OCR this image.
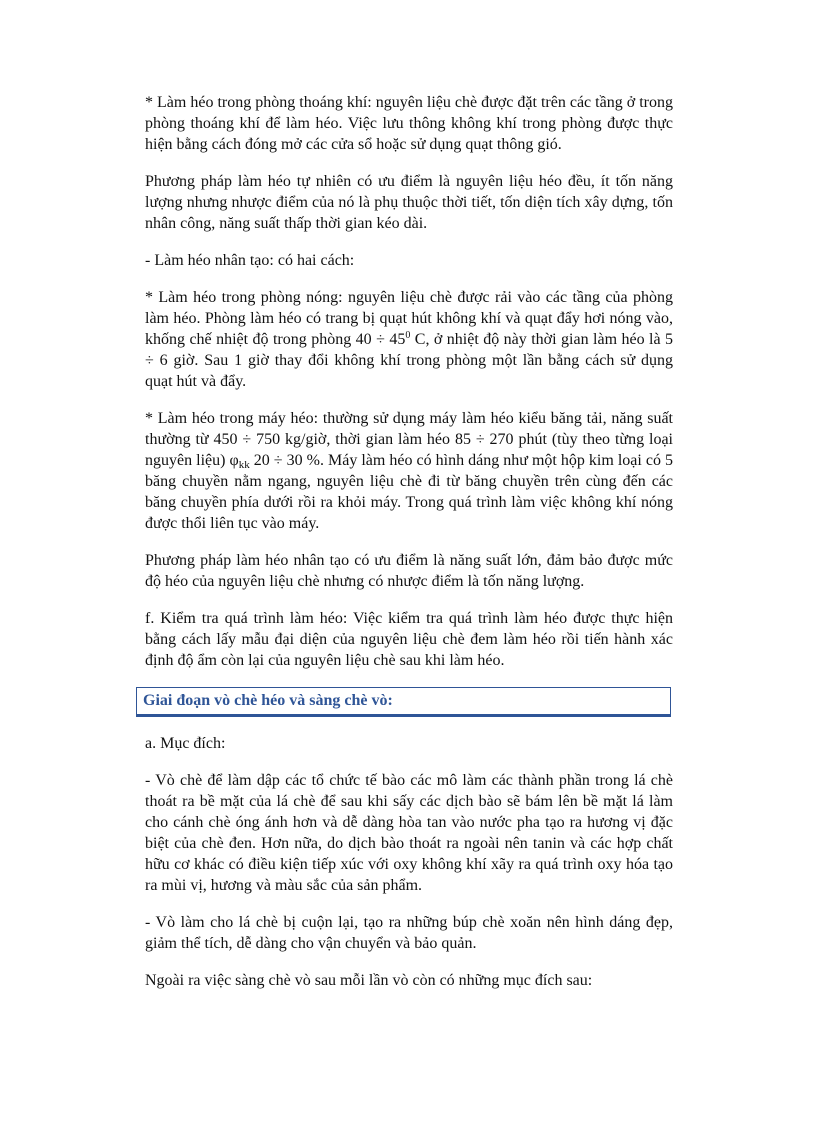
* Làm héo trong phòng thoáng khí: nguyên liệu chè được đặt trên các tầng ở trong phòng thoáng khí để làm héo. Việc lưu thông không khí trong phòng được thực hiện bằng cách đóng mở các cửa sổ hoặc sử dụng quạt thông gió.

Phương pháp làm héo tự nhiên có ưu điểm là nguyên liệu héo đều, ít tốn năng lượng nhưng nhược điểm của nó là phụ thuộc thời tiết, tốn diện tích xây dựng, tốn nhân công, năng suất thấp thời gian kéo dài.

- Làm héo nhân tạo: có hai cách:

* Làm héo trong phòng nóng: nguyên liệu chè được rải vào các tầng của phòng làm héo. Phòng làm héo có trang bị quạt hút không khí và quạt đẩy hơi nóng vào, khống chế nhiệt độ trong phòng $40 \div 45^0$ C, ở nhiệt độ này thời gian làm héo là 5 ÷ 6 giờ. Sau 1 giờ thay đổi không khí trong phòng một lần bằng cách sử dụng quạt hút và đẩy.

* Làm héo trong máy héo: thường sử dụng máy làm héo kiểu băng tải, năng suất thường từ 450 ÷ 750 kg/giờ, thời gian làm héo 85 ÷ 270 phút (tùy theo từng loại nguyên liệu) $\varphi_{kk}$ 20 ÷ 30 %. Máy làm héo có hình dáng như một hộp kim loại có 5 băng chuyền nằm ngang, nguyên liệu chè đi từ băng chuyền trên cùng đến các băng chuyền phía dưới rồi ra khỏi máy. Trong quá trình làm việc không khí nóng được thổi liên tục vào máy.

Phương pháp làm héo nhân tạo có ưu điểm là năng suất lớn, đảm bảo được mức độ héo của nguyên liệu chè nhưng có nhược điểm là tốn năng lượng.

f. Kiểm tra quá trình làm héo: Việc kiểm tra quá trình làm héo được thực hiện bằng cách lấy mẫu đại diện của nguyên liệu chè đem làm héo rồi tiến hành xác định độ ẩm còn lại của nguyên liệu chè sau khi làm héo.

Giai đoạn vò chè héo và sàng chè vò:

a. Mục đích:

- Vò chè để làm dập các tổ chức tế bào các mô làm các thành phần trong lá chè thoát ra bề mặt của lá chè để sau khi sấy các dịch bào sẽ bám lên bề mặt lá làm cho cánh chè óng ánh hơn và dễ dàng hòa tan vào nước pha tạo ra hương vị đặc biệt của chè đen. Hơn nữa, do dịch bào thoát ra ngoài nên tanin và các hợp chất hữu cơ khác có điều kiện tiếp xúc với oxy không khí xãy ra quá trình oxy hóa tạo ra mùi vị, hương và màu sắc của sản phẩm.

- Vò làm cho lá chè bị cuộn lại, tạo ra những búp chè xoăn nên hình dáng đẹp, giảm thể tích, dễ dàng cho vận chuyển và bảo quản.

Ngoài ra việc sàng chè vò sau mỗi lần vò còn có những mục đích sau:
